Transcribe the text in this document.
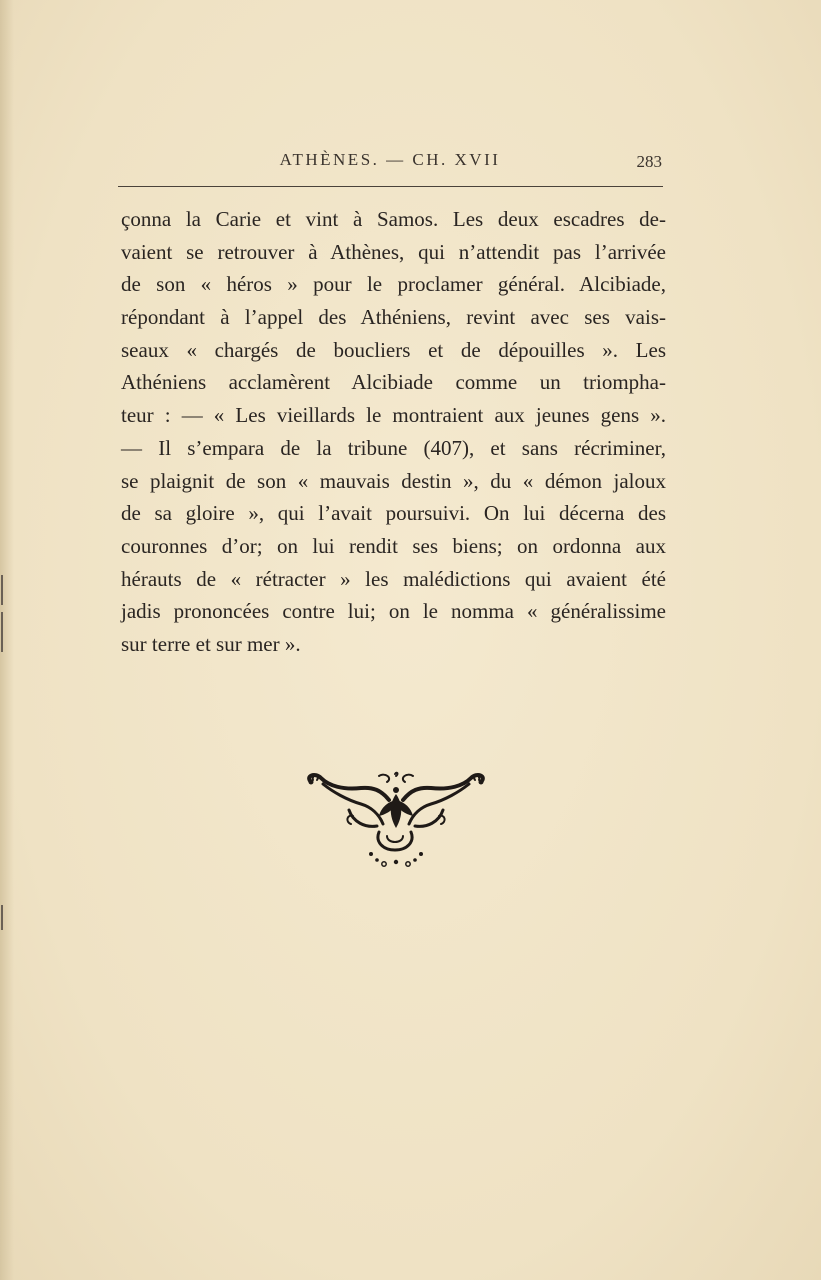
ATHÈNES. — CH. XVII	283
çonna la Carie et vint à Samos. Les deux escadres de-
vaient se retrouver à Athènes, qui n’attendit pas l’arrivée
de son « héros » pour le proclamer général. Alcibiade,
répondant à l’appel des Athéniens, revint avec ses vais-
seaux « chargés de boucliers et de dépouilles ». Les
Athéniens acclamèrent Alcibiade comme un triompha-
teur : — « Les vieillards le montraient aux jeunes gens ».
— Il s’empara de la tribune (407), et sans récriminer,
se plaignit de son « mauvais destin », du « démon jaloux
de sa gloire », qui l’avait poursuivi. On lui décerna des
couronnes d’or; on lui rendit ses biens; on ordonna aux
hérauts de « rétracter » les malédictions qui avaient été
jadis prononcées contre lui; on le nomma « généralissime
sur terre et sur mer ».
